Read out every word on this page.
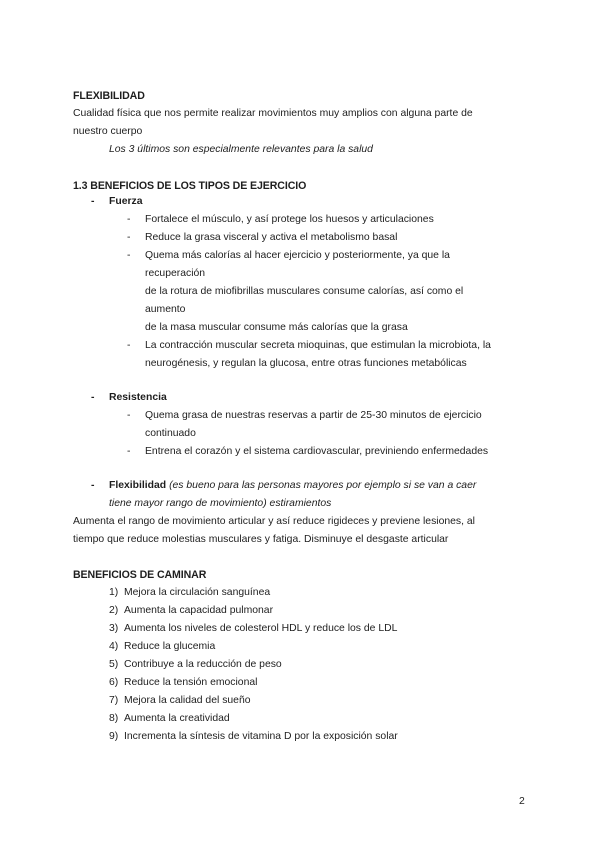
FLEXIBILIDAD
Cualidad física que nos permite realizar movimientos muy amplios con alguna parte de
nuestro cuerpo
Los 3 últimos son especialmente relevantes para la salud
1.3 BENEFICIOS DE LOS TIPOS DE EJERCICIO
- Fuerza
- Fortalece el músculo, y así protege los huesos y articulaciones
- Reduce la grasa visceral y activa el metabolismo basal
- Quema más calorías al hacer ejercicio y posteriormente, ya que la
recuperación
de la rotura de miofibrillas musculares consume calorías, así como el
aumento
de la masa muscular consume más calorías que la grasa
- La contracción muscular secreta mioquinas, que estimulan la microbiota, la
neurogénesis, y regulan la glucosa, entre otras funciones metabólicas
- Resistencia
- Quema grasa de nuestras reservas a partir de 25-30 minutos de ejercicio
continuado
- Entrena el corazón y el sistema cardiovascular, previniendo enfermedades
- Flexibilidad (es bueno para las personas mayores por ejemplo si se van a caer
tiene mayor rango de movimiento) estiramientos
Aumenta el rango de movimiento articular y así reduce rigideces y previene lesiones, al
tiempo que reduce molestias musculares y fatiga. Disminuye el desgaste articular
BENEFICIOS DE CAMINAR
1) Mejora la circulación sanguínea
2) Aumenta la capacidad pulmonar
3) Aumenta los niveles de colesterol HDL y reduce los de LDL
4) Reduce la glucemia
5) Contribuye a la reducción de peso
6) Reduce la tensión emocional
7) Mejora la calidad del sueño
8) Aumenta la creatividad
9) Incrementa la síntesis de vitamina D por la exposición solar
2
